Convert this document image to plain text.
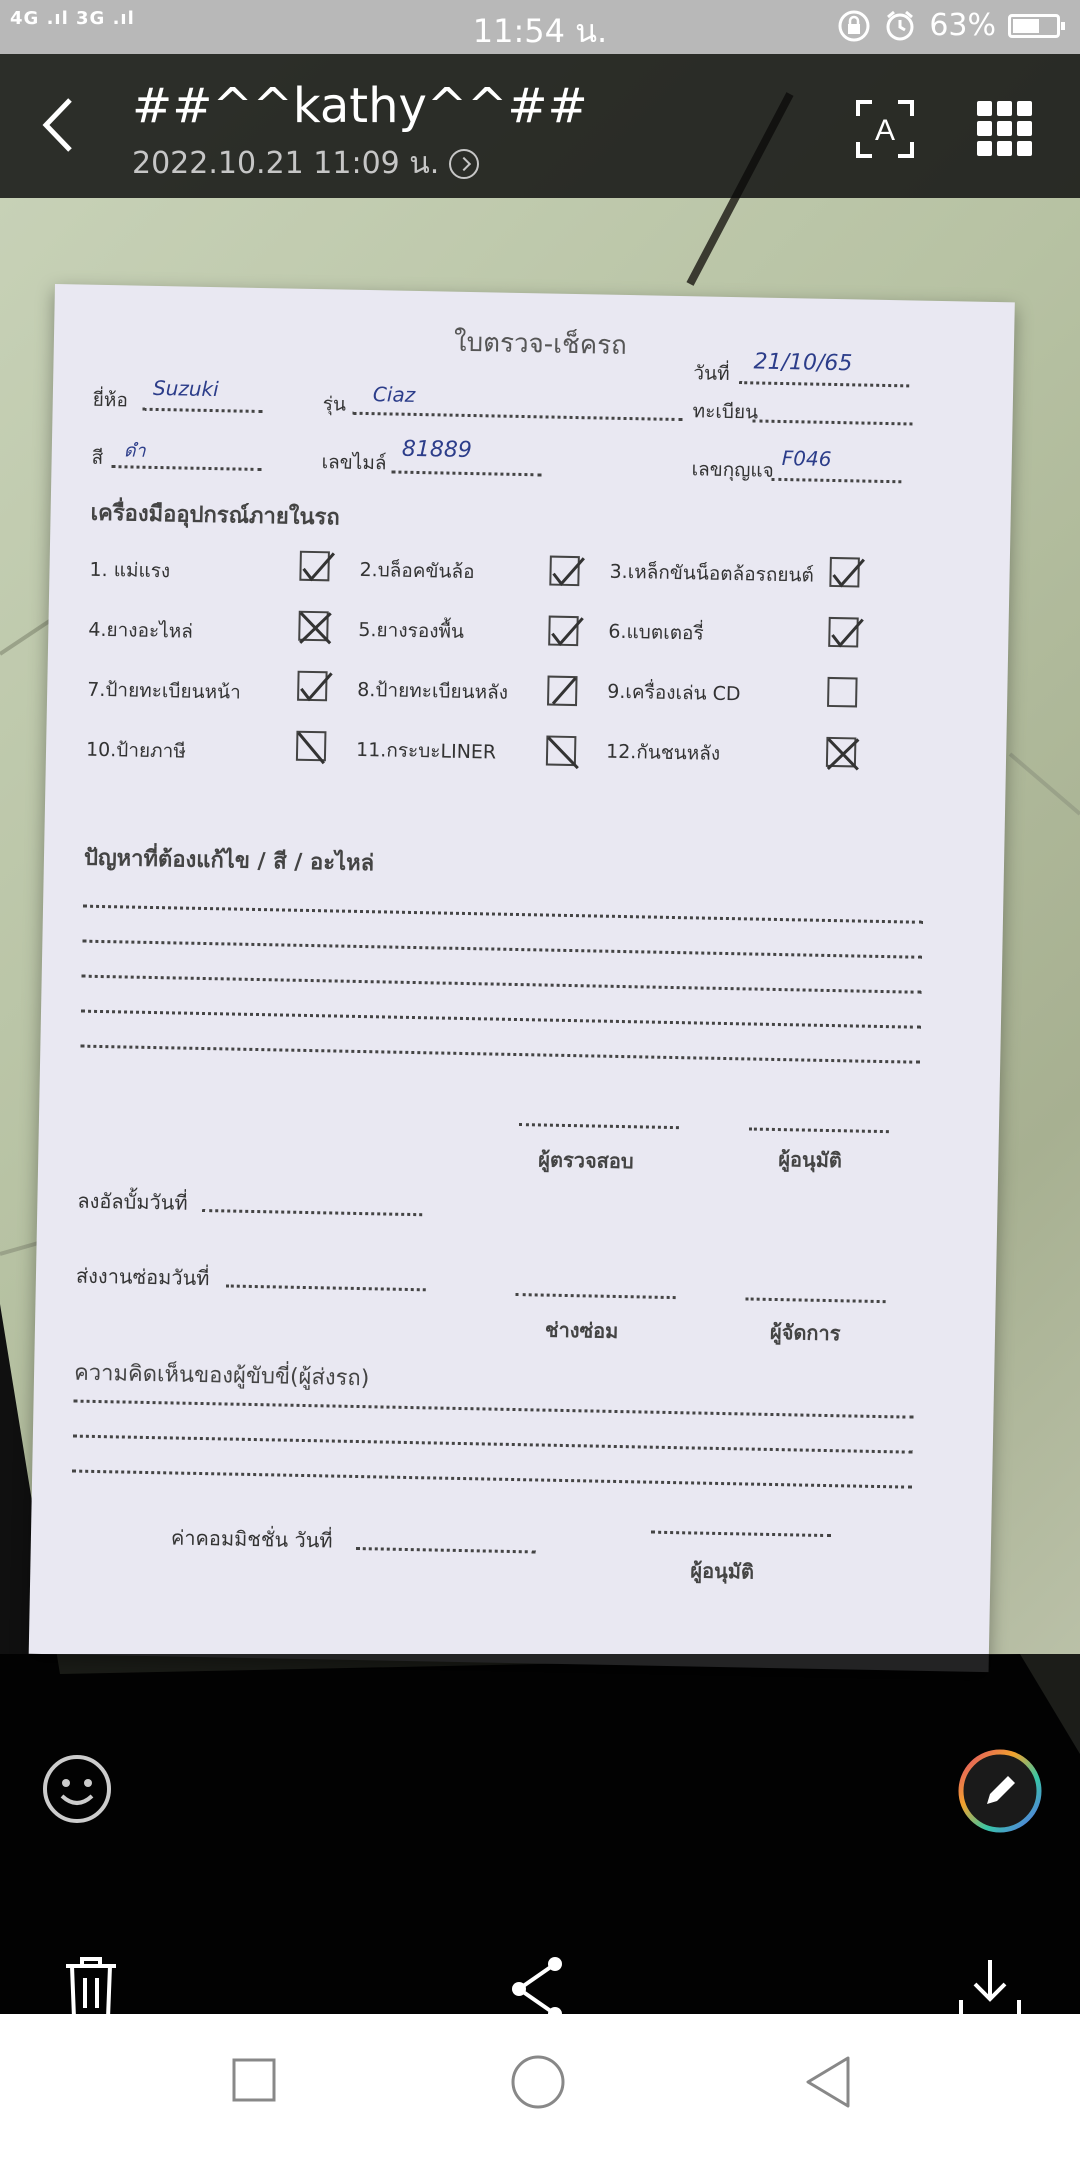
4G .ıl 3G .ıl	11:54 น.	63%
ใบตรวจ-เช็ครถ
วันที่ 21/10/65
ยี่ห้อ Suzuki
รุ่น Ciaz
ทะเบียน
สี ดำ
เลขไมล์ 81889
เลขกุญแจ F046
เครื่องมืออุปกรณ์ภายในรถ
1. แม่แรง	2.บล็อคขันล้อ	3.เหล็กขันน็อตล้อรถยนต์
4.ยางอะไหล่	5.ยางรองพื้น	6.แบตเตอรี่
7.ป้ายทะเบียนหน้า	8.ป้ายทะเบียนหลัง	9.เครื่องเล่น CD
10.ป้ายภาษี	11.กระบะLINER	12.กันชนหลัง
ปัญหาที่ต้องแก้ไข / สี / อะไหล่
ผู้ตรวจสอบ	ผู้อนุมัติ
ลงอัลบั้มวันที่
ส่งงานซ่อมวันที่
ช่างซ่อม	ผู้จัดการ
ความคิดเห็นของผู้ขับขี่(ผู้ส่งรถ)
ค่าคอมมิชชั่น วันที่
ผู้อนุมัติ
##^^kathy^^##
2022.10.21 11:09 น.
A
